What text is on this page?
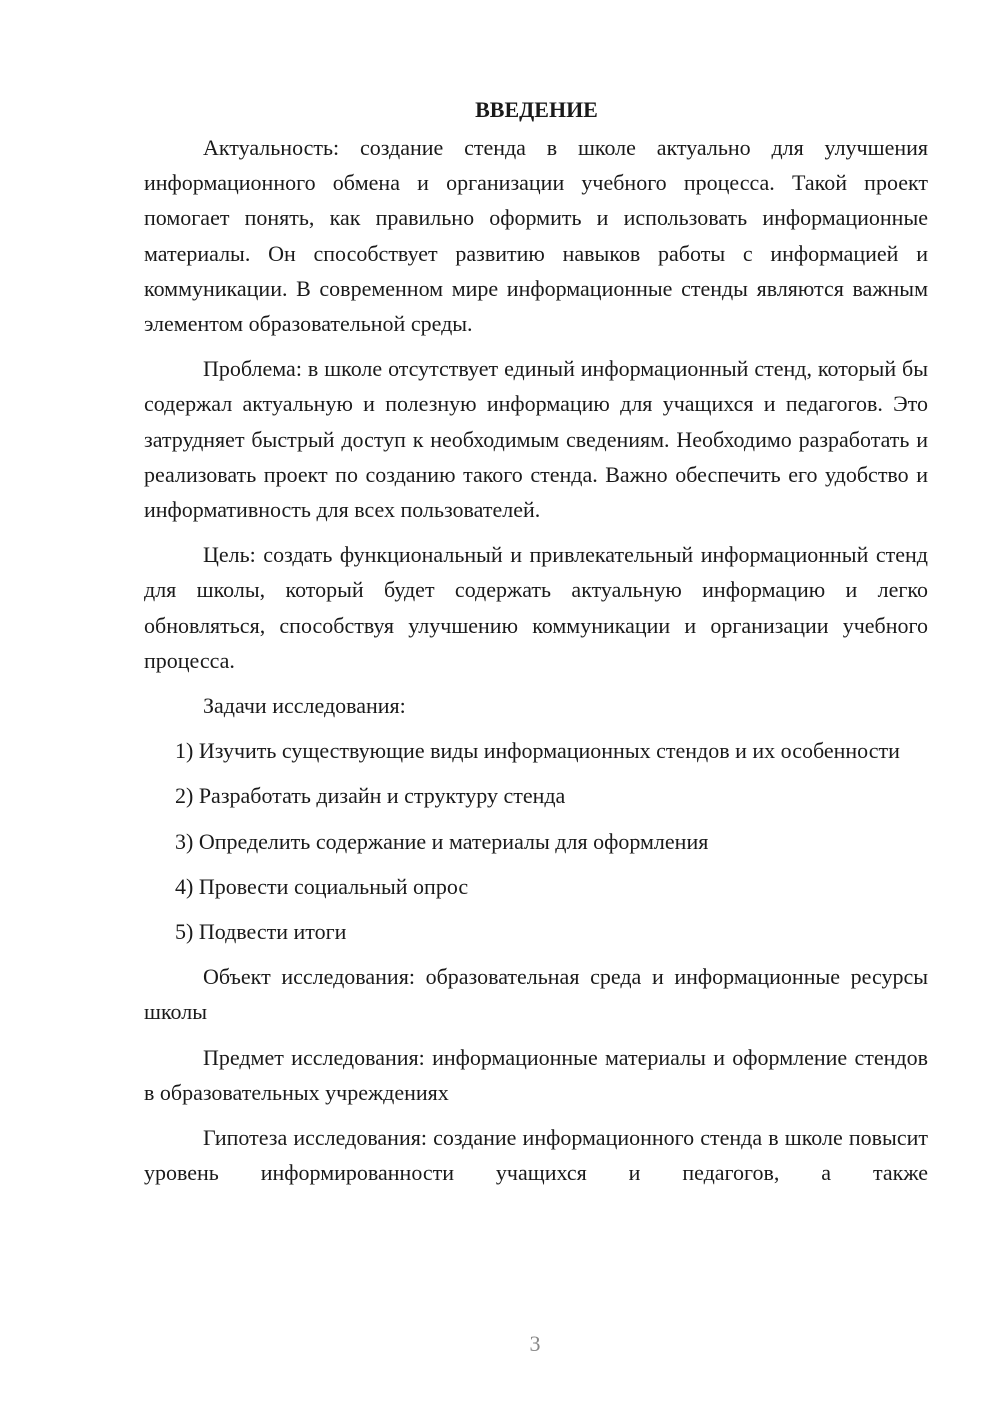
ВВЕДЕНИЕ

Актуальность: создание стенда в школе актуально для улучшения информационного обмена и организации учебного процесса. Такой проект помогает понять, как правильно оформить и использовать информационные материалы. Он способствует развитию навыков работы с информацией и коммуникации. В современном мире информационные стенды являются важным элементом образовательной среды.

Проблема: в школе отсутствует единый информационный стенд, который бы содержал актуальную и полезную информацию для учащихся и педагогов. Это затрудняет быстрый доступ к необходимым сведениям. Необходимо разработать и реализовать проект по созданию такого стенда. Важно обеспечить его удобство и информативность для всех пользователей.

Цель: создать функциональный и привлекательный информационный стенд для школы, который будет содержать актуальную информацию и легко обновляться, способствуя улучшению коммуникации и организации учебного процесса.

Задачи исследования:

1) Изучить существующие виды информационных стендов и их особенности

2) Разработать дизайн и структуру стенда

3) Определить содержание и материалы для оформления

4) Провести социальный опрос

5) Подвести итоги

Объект исследования: образовательная среда и информационные ресурсы школы

Предмет исследования: информационные материалы и оформление стендов в образовательных учреждениях

Гипотеза исследования: создание информационного стенда в школе повысит уровень информированности учащихся и педагогов, а также

3
